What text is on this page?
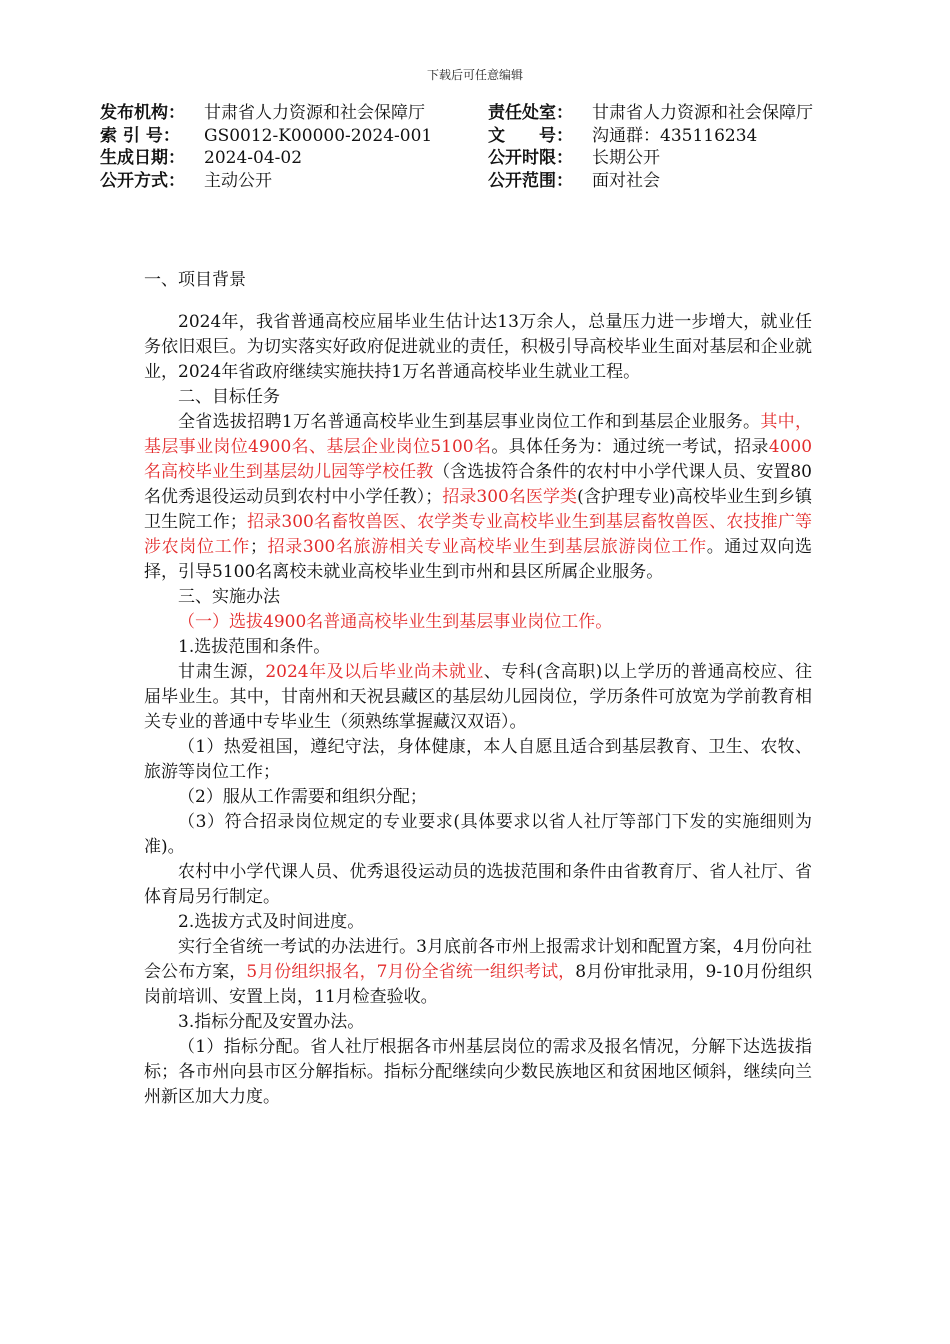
下载后可任意编辑
发布机构：	甘肃省人力资源和社会保障厅	责任处室：	甘肃省人力资源和社会保障厅
索 引 号：	GS0012-K00000-2024-001	文　　号：	沟通群：435116234
生成日期：	2024-04-02	公开时限：	长期公开
公开方式：	主动公开	公开范围：	面对社会

一、项目背景

2024年，我省普通高校应届毕业生估计达13万余人，总量压力进一步增大，就业任务依旧艰巨。为切实落实好政府促进就业的责任，积极引导高校毕业生面对基层和企业就业，2024年省政府继续实施扶持1万名普通高校毕业生就业工程。

二、目标任务

全省选拔招聘1万名普通高校毕业生到基层事业岗位工作和到基层企业服务。其中，基层事业岗位4900名、基层企业岗位5100名。具体任务为：通过统一考试，招录4000名高校毕业生到基层幼儿园等学校任教（含选拔符合条件的农村中小学代课人员、安置80名优秀退役运动员到农村中小学任教）；招录300名医学类(含护理专业)高校毕业生到乡镇卫生院工作；招录300名畜牧兽医、农学类专业高校毕业生到基层畜牧兽医、农技推广等涉农岗位工作；招录300名旅游相关专业高校毕业生到基层旅游岗位工作。通过双向选择，引导5100名离校未就业高校毕业生到市州和县区所属企业服务。

三、实施办法

（一）选拔4900名普通高校毕业生到基层事业岗位工作。

1.选拔范围和条件。

甘肃生源，2024年及以后毕业尚未就业、专科(含高职)以上学历的普通高校应、往届毕业生。其中，甘南州和天祝县藏区的基层幼儿园岗位，学历条件可放宽为学前教育相关专业的普通中专毕业生（须熟练掌握藏汉双语）。

（1）热爱祖国，遵纪守法，身体健康，本人自愿且适合到基层教育、卫生、农牧、旅游等岗位工作；

（2）服从工作需要和组织分配；

（3）符合招录岗位规定的专业要求(具体要求以省人社厅等部门下发的实施细则为准)。

农村中小学代课人员、优秀退役运动员的选拔范围和条件由省教育厅、省人社厅、省体育局另行制定。

2.选拔方式及时间进度。

实行全省统一考试的办法进行。3月底前各市州上报需求计划和配置方案，4月份向社会公布方案，5月份组织报名，7月份全省统一组织考试，8月份审批录用，9-10月份组织岗前培训、安置上岗，11月检查验收。

3.指标分配及安置办法。

（1）指标分配。省人社厅根据各市州基层岗位的需求及报名情况，分解下达选拔指标；各市州向县市区分解指标。指标分配继续向少数民族地区和贫困地区倾斜，继续向兰州新区加大力度。
